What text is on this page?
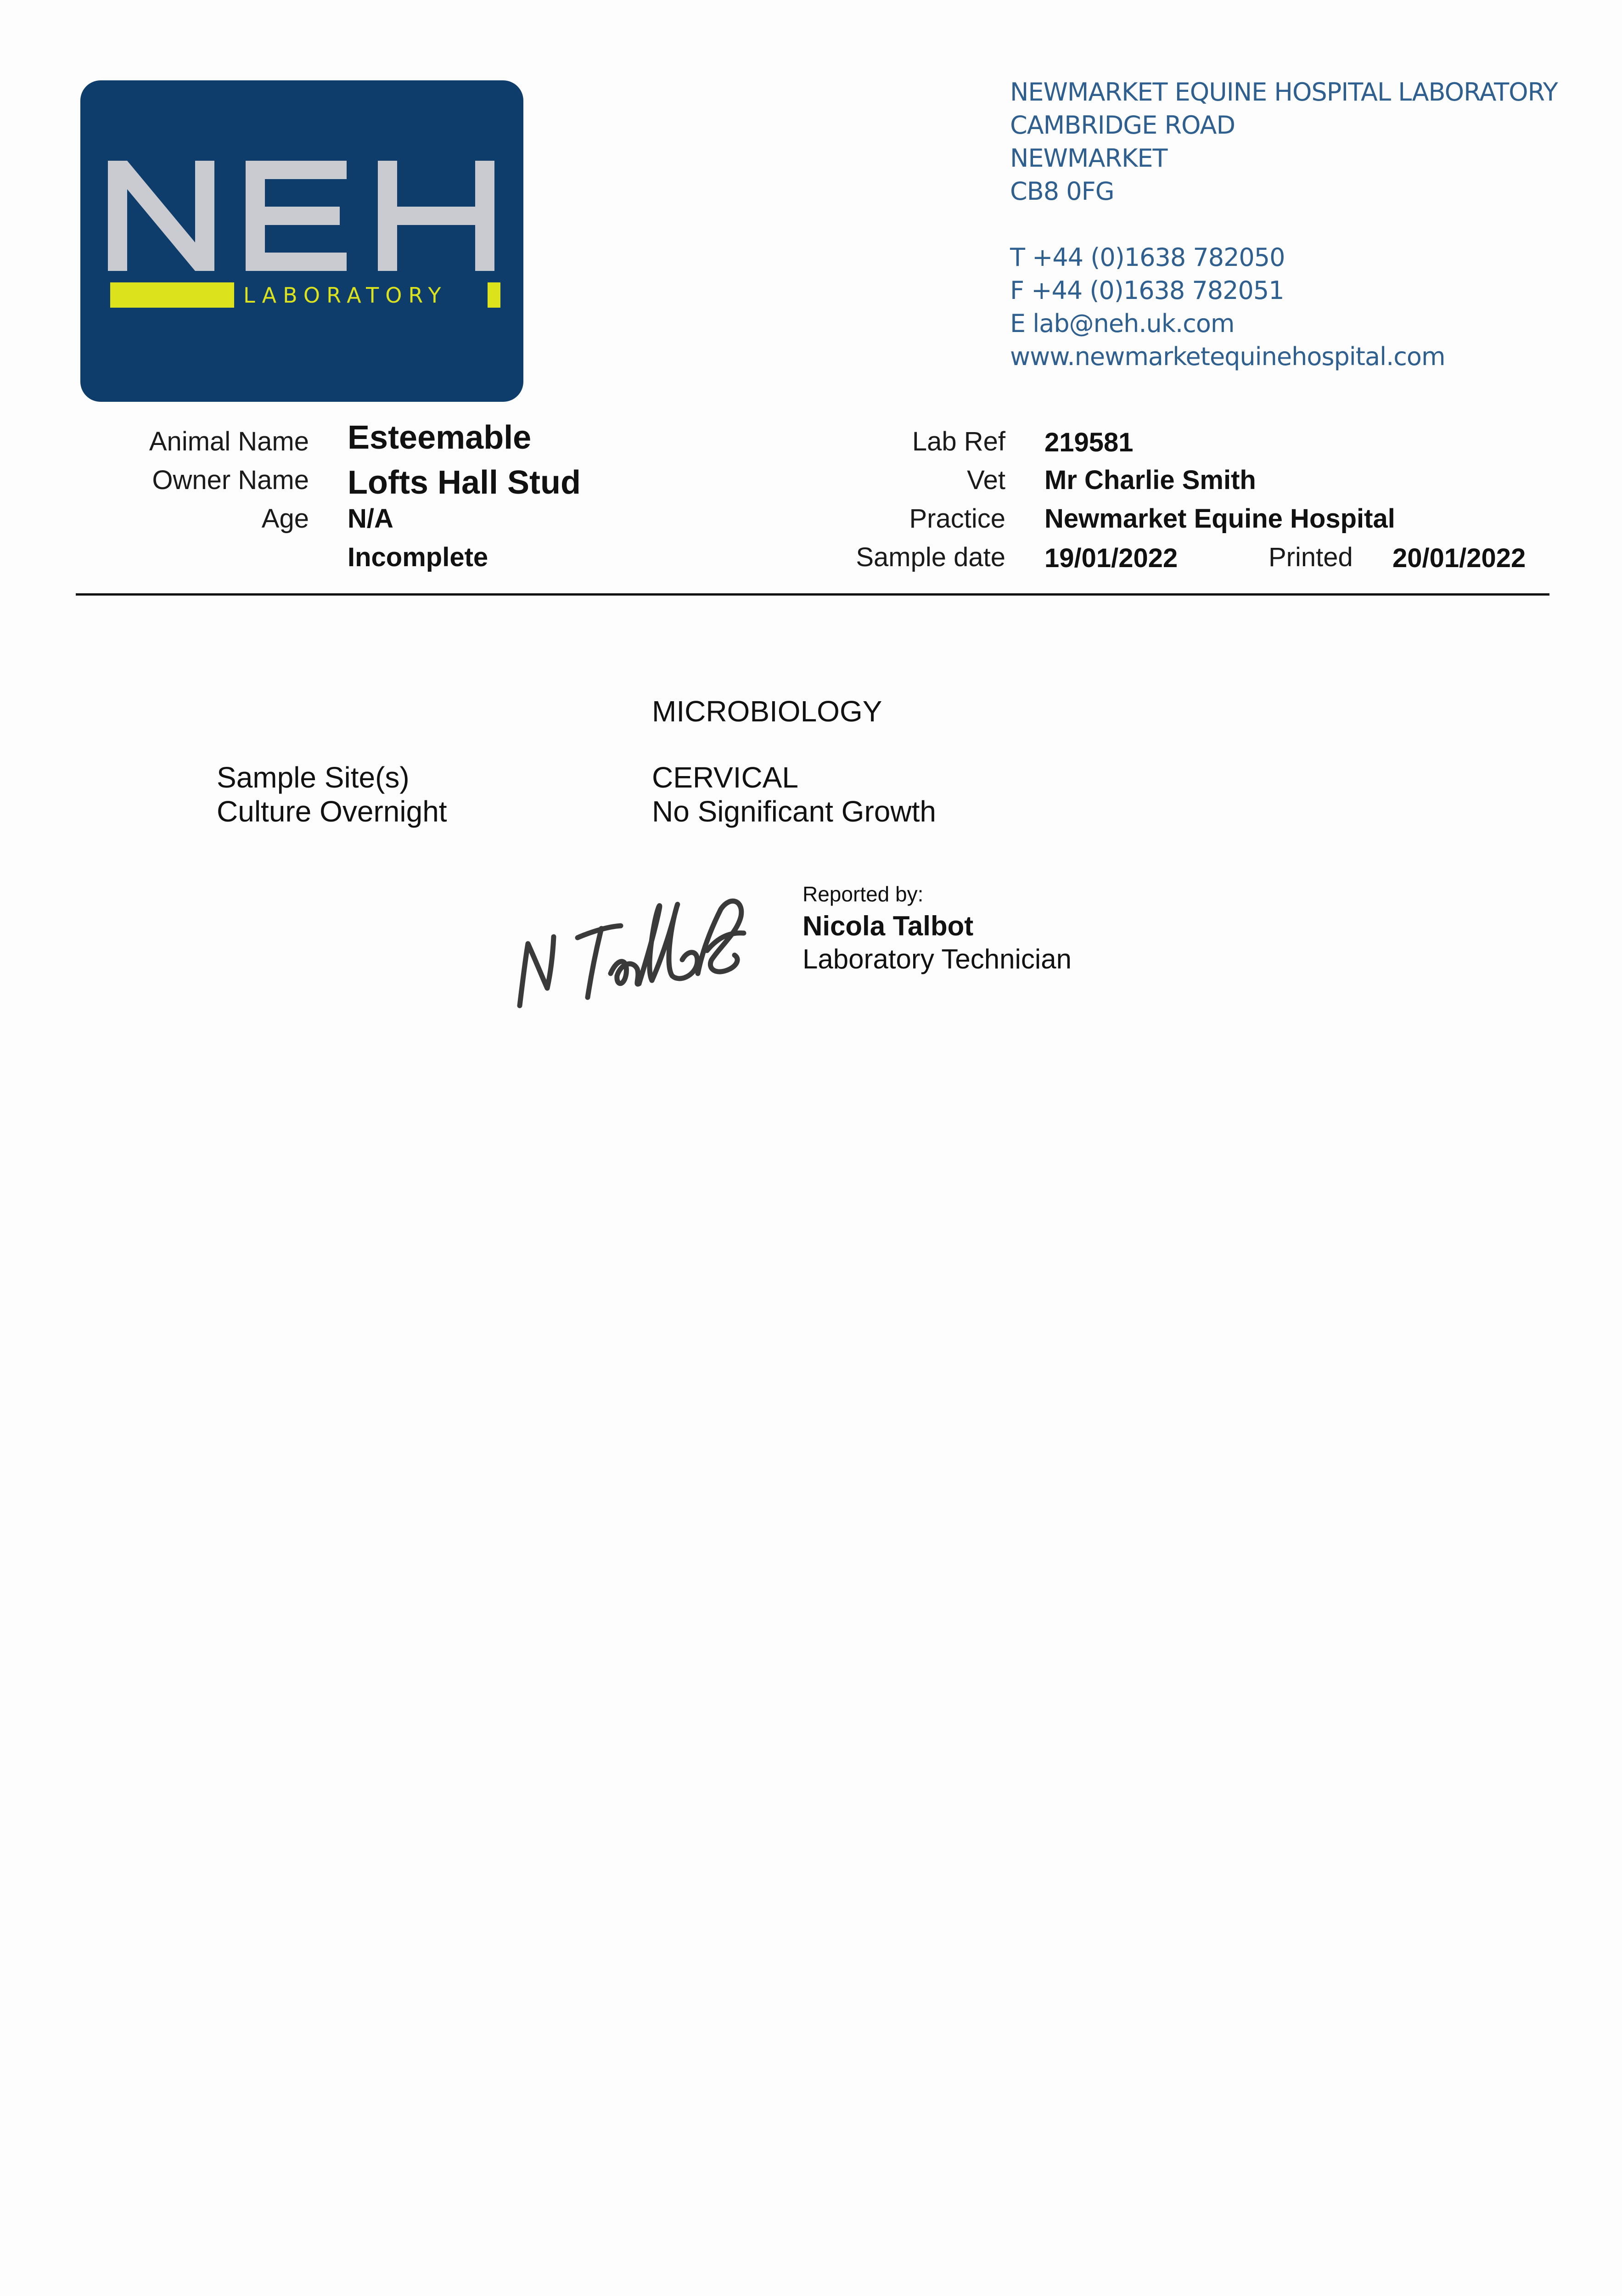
LABORATORY
NEWMARKET EQUINE HOSPITAL LABORATORY
CAMBRIDGE ROAD
NEWMARKET
CB8 0FG
T +44 (0)1638 782050
F +44 (0)1638 782051
E lab@neh.uk.com
www.newmarketequinehospital.com
Animal Name Esteemable
Owner Name Lofts Hall Stud
Age N/A
Incomplete
Lab Ref 219581
Vet Mr Charlie Smith
Practice Newmarket Equine Hospital
Sample date 19/01/2022	Printed 20/01/2022
MICROBIOLOGY
Sample Site(s)	CERVICAL
Culture Overnight	No Significant Growth
Reported by:
Nicola Talbot
Laboratory Technician
